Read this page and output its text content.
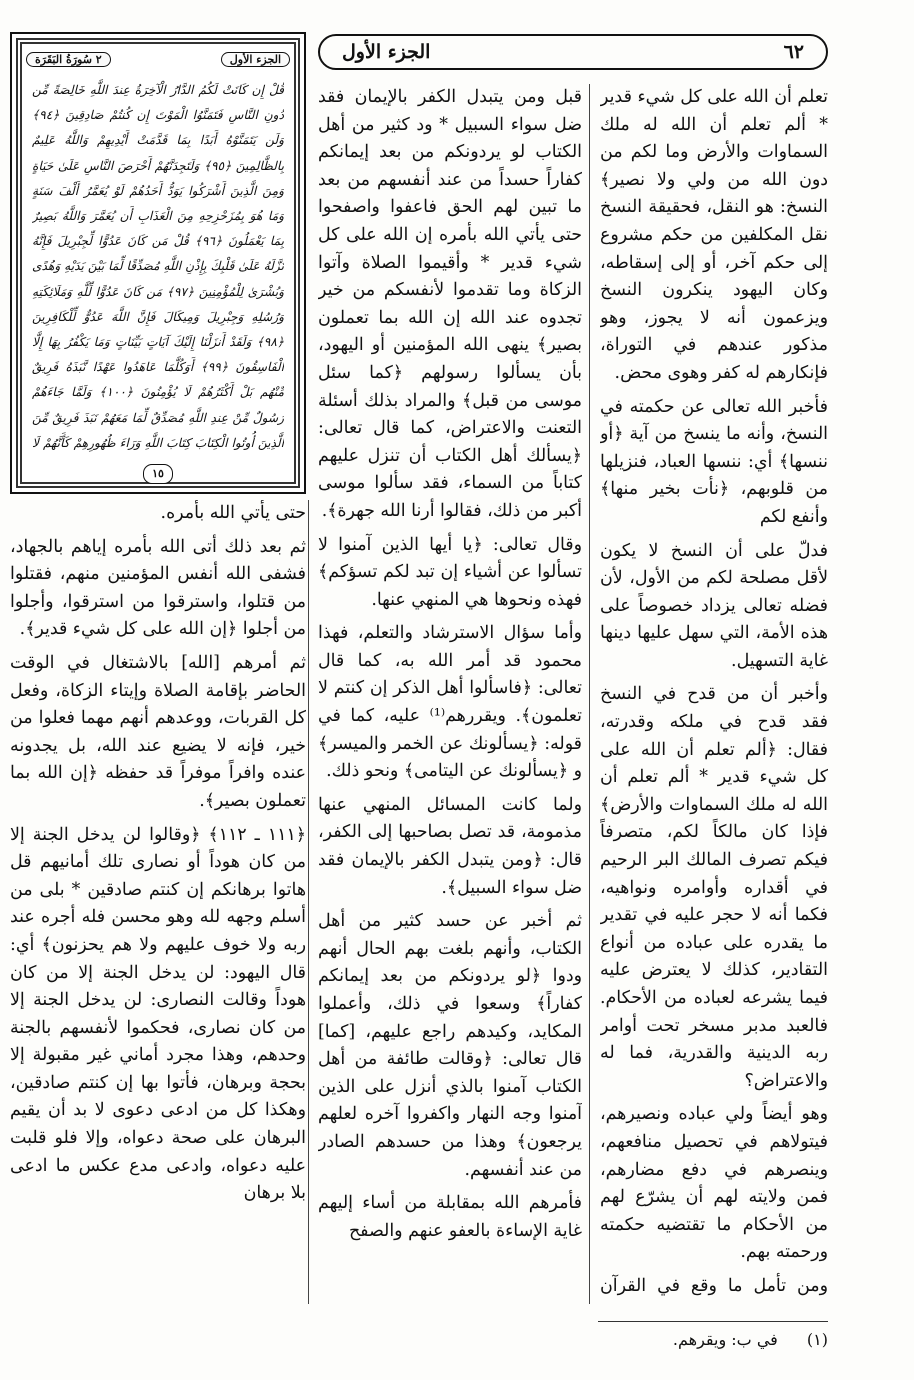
٦٢
الجزء الأول
الجزء الأول
٢ سُورَةُ البَقَرَة
قُلْ إِن كَانَتْ لَكُمُ الدَّارُ الْآخِرَةُ عِندَ اللَّهِ خَالِصَةً مِّن دُونِ النَّاسِ فَتَمَنَّوُا الْمَوْتَ إِن كُنتُمْ صَادِقِينَ ﴿٩٤﴾ وَلَن يَتَمَنَّوْهُ أَبَدًا بِمَا قَدَّمَتْ أَيْدِيهِمْ وَاللَّهُ عَلِيمٌ بِالظَّالِمِينَ ﴿٩٥﴾ وَلَتَجِدَنَّهُمْ أَحْرَصَ النَّاسِ عَلَىٰ حَيَاةٍ وَمِنَ الَّذِينَ أَشْرَكُوا يَوَدُّ أَحَدُهُمْ لَوْ يُعَمَّرُ أَلْفَ سَنَةٍ وَمَا هُوَ بِمُزَحْزِحِهِ مِنَ الْعَذَابِ أَن يُعَمَّرَ وَاللَّهُ بَصِيرٌ بِمَا يَعْمَلُونَ ﴿٩٦﴾ قُلْ مَن كَانَ عَدُوًّا لِّجِبْرِيلَ فَإِنَّهُ نَزَّلَهُ عَلَىٰ قَلْبِكَ بِإِذْنِ اللَّهِ مُصَدِّقًا لِّمَا بَيْنَ يَدَيْهِ وَهُدًى وَبُشْرَىٰ لِلْمُؤْمِنِينَ ﴿٩٧﴾ مَن كَانَ عَدُوًّا لِّلَّهِ وَمَلَائِكَتِهِ وَرُسُلِهِ وَجِبْرِيلَ وَمِيكَالَ فَإِنَّ اللَّهَ عَدُوٌّ لِّلْكَافِرِينَ ﴿٩٨﴾ وَلَقَدْ أَنزَلْنَا إِلَيْكَ آيَاتٍ بَيِّنَاتٍ وَمَا يَكْفُرُ بِهَا إِلَّا الْفَاسِقُونَ ﴿٩٩﴾ أَوَكُلَّمَا عَاهَدُوا عَهْدًا نَّبَذَهُ فَرِيقٌ مِّنْهُم بَلْ أَكْثَرُهُمْ لَا يُؤْمِنُونَ ﴿١٠٠﴾ وَلَمَّا جَاءَهُمْ رَسُولٌ مِّنْ عِندِ اللَّهِ مُصَدِّقٌ لِّمَا مَعَهُمْ نَبَذَ فَرِيقٌ مِّنَ الَّذِينَ أُوتُوا الْكِتَابَ كِتَابَ اللَّهِ وَرَاءَ ظُهُورِهِمْ كَأَنَّهُمْ لَا
١٥

تعلم أن الله على كل شيء قدير * ألم تعلم أن الله له ملك السماوات والأرض وما لكم من دون الله من ولي ولا نصير﴾ النسخ: هو النقل، فحقيقة النسخ نقل المكلفين من حكم مشروع إلى حكم آخر، أو إلى إسقاطه، وكان اليهود ينكرون النسخ ويزعمون أنه لا يجوز، وهو مذكور عندهم في التوراة، فإنكارهم له كفر وهوى محض.

فأخبر الله تعالى عن حكمته في النسخ، وأنه ما ينسخ من آية ﴿أو ننسها﴾ أي: ننسها العباد، فنزيلها من قلوبهم، ﴿نأت بخير منها﴾ وأنفع لكم

فدلّ على أن النسخ لا يكون لأقل مصلحة لكم من الأول، لأن فضله تعالى يزداد خصوصاً على هذه الأمة، التي سهل عليها دينها غاية التسهيل.

وأخبر أن من قدح في النسخ فقد قدح في ملكه وقدرته، فقال: ﴿ألم تعلم أن الله على كل شيء قدير * ألم تعلم أن الله له ملك السماوات والأرض﴾ فإذا كان مالكاً لكم، متصرفاً فيكم تصرف المالك البر الرحيم في أقداره وأوامره ونواهيه، فكما أنه لا حجر عليه في تقدير ما يقدره على عباده من أنواع التقادير، كذلك لا يعترض عليه فيما يشرعه لعباده من الأحكام. فالعبد مدبر مسخر تحت أوامر ربه الدينية والقدرية، فما له والاعتراض؟

وهو أيضاً ولي عباده ونصيرهم، فيتولاهم في تحصيل منافعهم، وينصرهم في دفع مضارهم، فمن ولايته لهم أن يشرّع لهم من الأحكام ما تقتضيه حكمته ورحمته بهم.

ومن تأمل ما وقع في القرآن

قبل ومن يتبدل الكفر بالإيمان فقد ضل سواء السبيل * ود كثير من أهل الكتاب لو يردونكم من بعد إيمانكم كفاراً حسداً من عند أنفسهم من بعد ما تبين لهم الحق فاعفوا واصفحوا حتى يأتي الله بأمره إن الله على كل شيء قدير * وأقيموا الصلاة وآتوا الزكاة وما تقدموا لأنفسكم من خير تجدوه عند الله إن الله بما تعملون بصير﴾ ينهى الله المؤمنين أو اليهود، بأن يسألوا رسولهم ﴿كما سئل موسى من قبل﴾ والمراد بذلك أسئلة التعنت والاعتراض، كما قال تعالى: ﴿يسألك أهل الكتاب أن تنزل عليهم كتاباً من السماء، فقد سألوا موسى أكبر من ذلك، فقالوا أرنا الله جهرة﴾.

وقال تعالى: ﴿يا أيها الذين آمنوا لا تسألوا عن أشياء إن تبد لكم تسؤكم﴾ فهذه ونحوها هي المنهي عنها.

وأما سؤال الاسترشاد والتعلم، فهذا محمود قد أمر الله به، كما قال تعالى: ﴿فاسألوا أهل الذكر إن كنتم لا تعلمون﴾. ويقررهم⁽¹⁾ عليه، كما في قوله: ﴿يسألونك عن الخمر والميسر﴾ و ﴿يسألونك عن اليتامى﴾ ونحو ذلك.

ولما كانت المسائل المنهي عنها مذمومة، قد تصل بصاحبها إلى الكفر، قال: ﴿ومن يتبدل الكفر بالإيمان فقد ضل سواء السبيل﴾.

ثم أخبر عن حسد كثير من أهل الكتاب، وأنهم بلغت بهم الحال أنهم ودوا ﴿لو يردونكم من بعد إيمانكم كفاراً﴾ وسعوا في ذلك، وأعملوا المكايد، وكيدهم راجع عليهم، [كما] قال تعالى: ﴿وقالت طائفة من أهل الكتاب آمنوا بالذي أنزل على الذين آمنوا وجه النهار واكفروا آخره لعلهم يرجعون﴾ وهذا من حسدهم الصادر من عند أنفسهم.

فأمرهم الله بمقابلة من أساء إليهم غاية الإساءة بالعفو عنهم والصفح

حتى يأتي الله بأمره.

ثم بعد ذلك أتى الله بأمره إياهم بالجهاد، فشفى الله أنفس المؤمنين منهم، فقتلوا من قتلوا، واسترقوا من استرقوا، وأجلوا من أجلوا ﴿إن الله على كل شيء قدير﴾.

ثم أمرهم [الله] بالاشتغال في الوقت الحاضر بإقامة الصلاة وإيتاء الزكاة، وفعل كل القربات، ووعدهم أنهم مهما فعلوا من خير، فإنه لا يضيع عند الله، بل يجدونه عنده وافراً موفراً قد حفظه ﴿إن الله بما تعملون بصير﴾.

﴿١١١ ـ ١١٢﴾ ﴿وقالوا لن يدخل الجنة إلا من كان هوداً أو نصارى تلك أمانيهم قل هاتوا برهانكم إن كنتم صادقين * بلى من أسلم وجهه لله وهو محسن فله أجره عند ربه ولا خوف عليهم ولا هم يحزنون﴾ أي: قال اليهود: لن يدخل الجنة إلا من كان هوداً وقالت النصارى: لن يدخل الجنة إلا من كان نصارى، فحكموا لأنفسهم بالجنة وحدهم، وهذا مجرد أماني غير مقبولة إلا بحجة وبرهان، فأتوا بها إن كنتم صادقين، وهكذا كل من ادعى دعوى لا بد أن يقيم البرهان على صحة دعواه، وإلا فلو قلبت عليه دعواه، وادعى مدع عكس ما ادعى بلا برهان

(١) في ب: ويقرهم.
